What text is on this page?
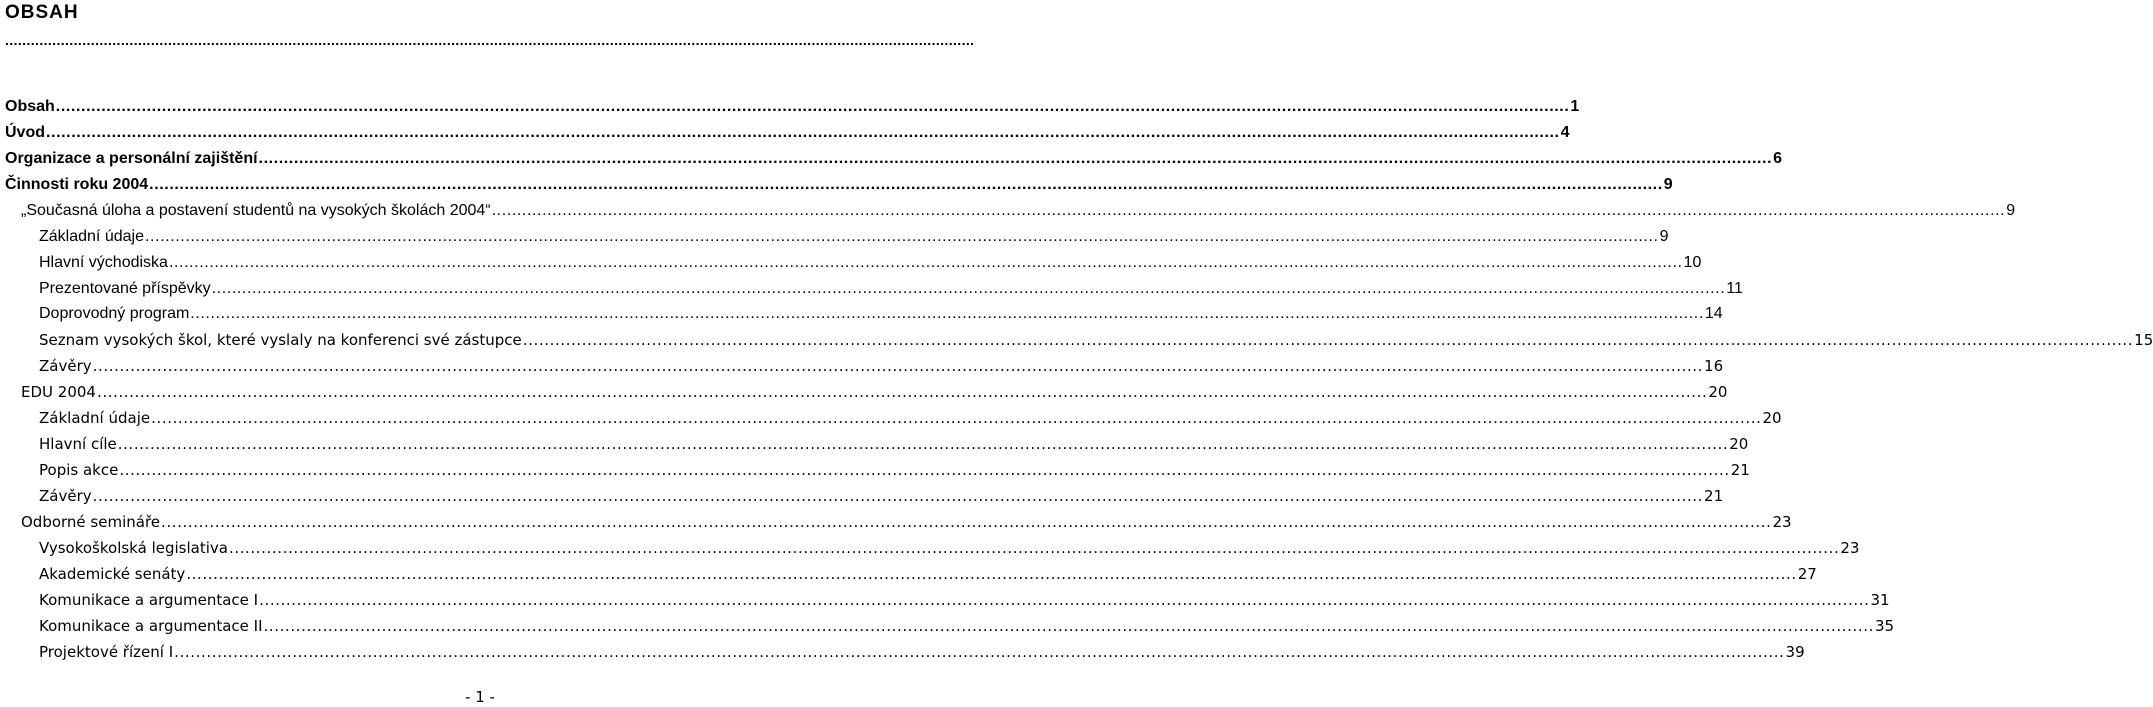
OBSAH
..................................................................................................................................................................................................................................
Obsah ............................................................................................................................................................................................................................................................................................................ 1
Úvod ............................................................................................................................................................................................................................................................................................................ 4
Organizace a personální zajištění ............................................................................................................................................................................................................................................................................................................ 6
Činnosti roku 2004 ............................................................................................................................................................................................................................................................................................................ 9
„Současná úloha a postavení studentů na vysokých školách 2004“ ............................................................................................................................................................................................................................................................................................................ 9
Základní údaje ............................................................................................................................................................................................................................................................................................................ 9
Hlavní východiska ............................................................................................................................................................................................................................................................................................................ 10
Prezentované příspěvky ............................................................................................................................................................................................................................................................................................................ 11
Doprovodný program ............................................................................................................................................................................................................................................................................................................ 14
Seznam vysokých škol, které vyslaly na konferenci své zástupce ............................................................................................................................................................................................................................................................................................................ 15
Závěry ............................................................................................................................................................................................................................................................................................................ 16
EDU 2004 ............................................................................................................................................................................................................................................................................................................ 20
Základní údaje ............................................................................................................................................................................................................................................................................................................ 20
Hlavní cíle ............................................................................................................................................................................................................................................................................................................ 20
Popis akce ............................................................................................................................................................................................................................................................................................................ 21
Závěry ............................................................................................................................................................................................................................................................................................................ 21
Odborné semináře ............................................................................................................................................................................................................................................................................................................ 23
Vysokoškolská legislativa ............................................................................................................................................................................................................................................................................................................ 23
Akademické senáty ............................................................................................................................................................................................................................................................................................................ 27
Komunikace a argumentace I ............................................................................................................................................................................................................................................................................................................ 31
Komunikace a argumentace II ............................................................................................................................................................................................................................................................................................................ 35
Projektové řízení I ............................................................................................................................................................................................................................................................................................................ 39
- 1 -
